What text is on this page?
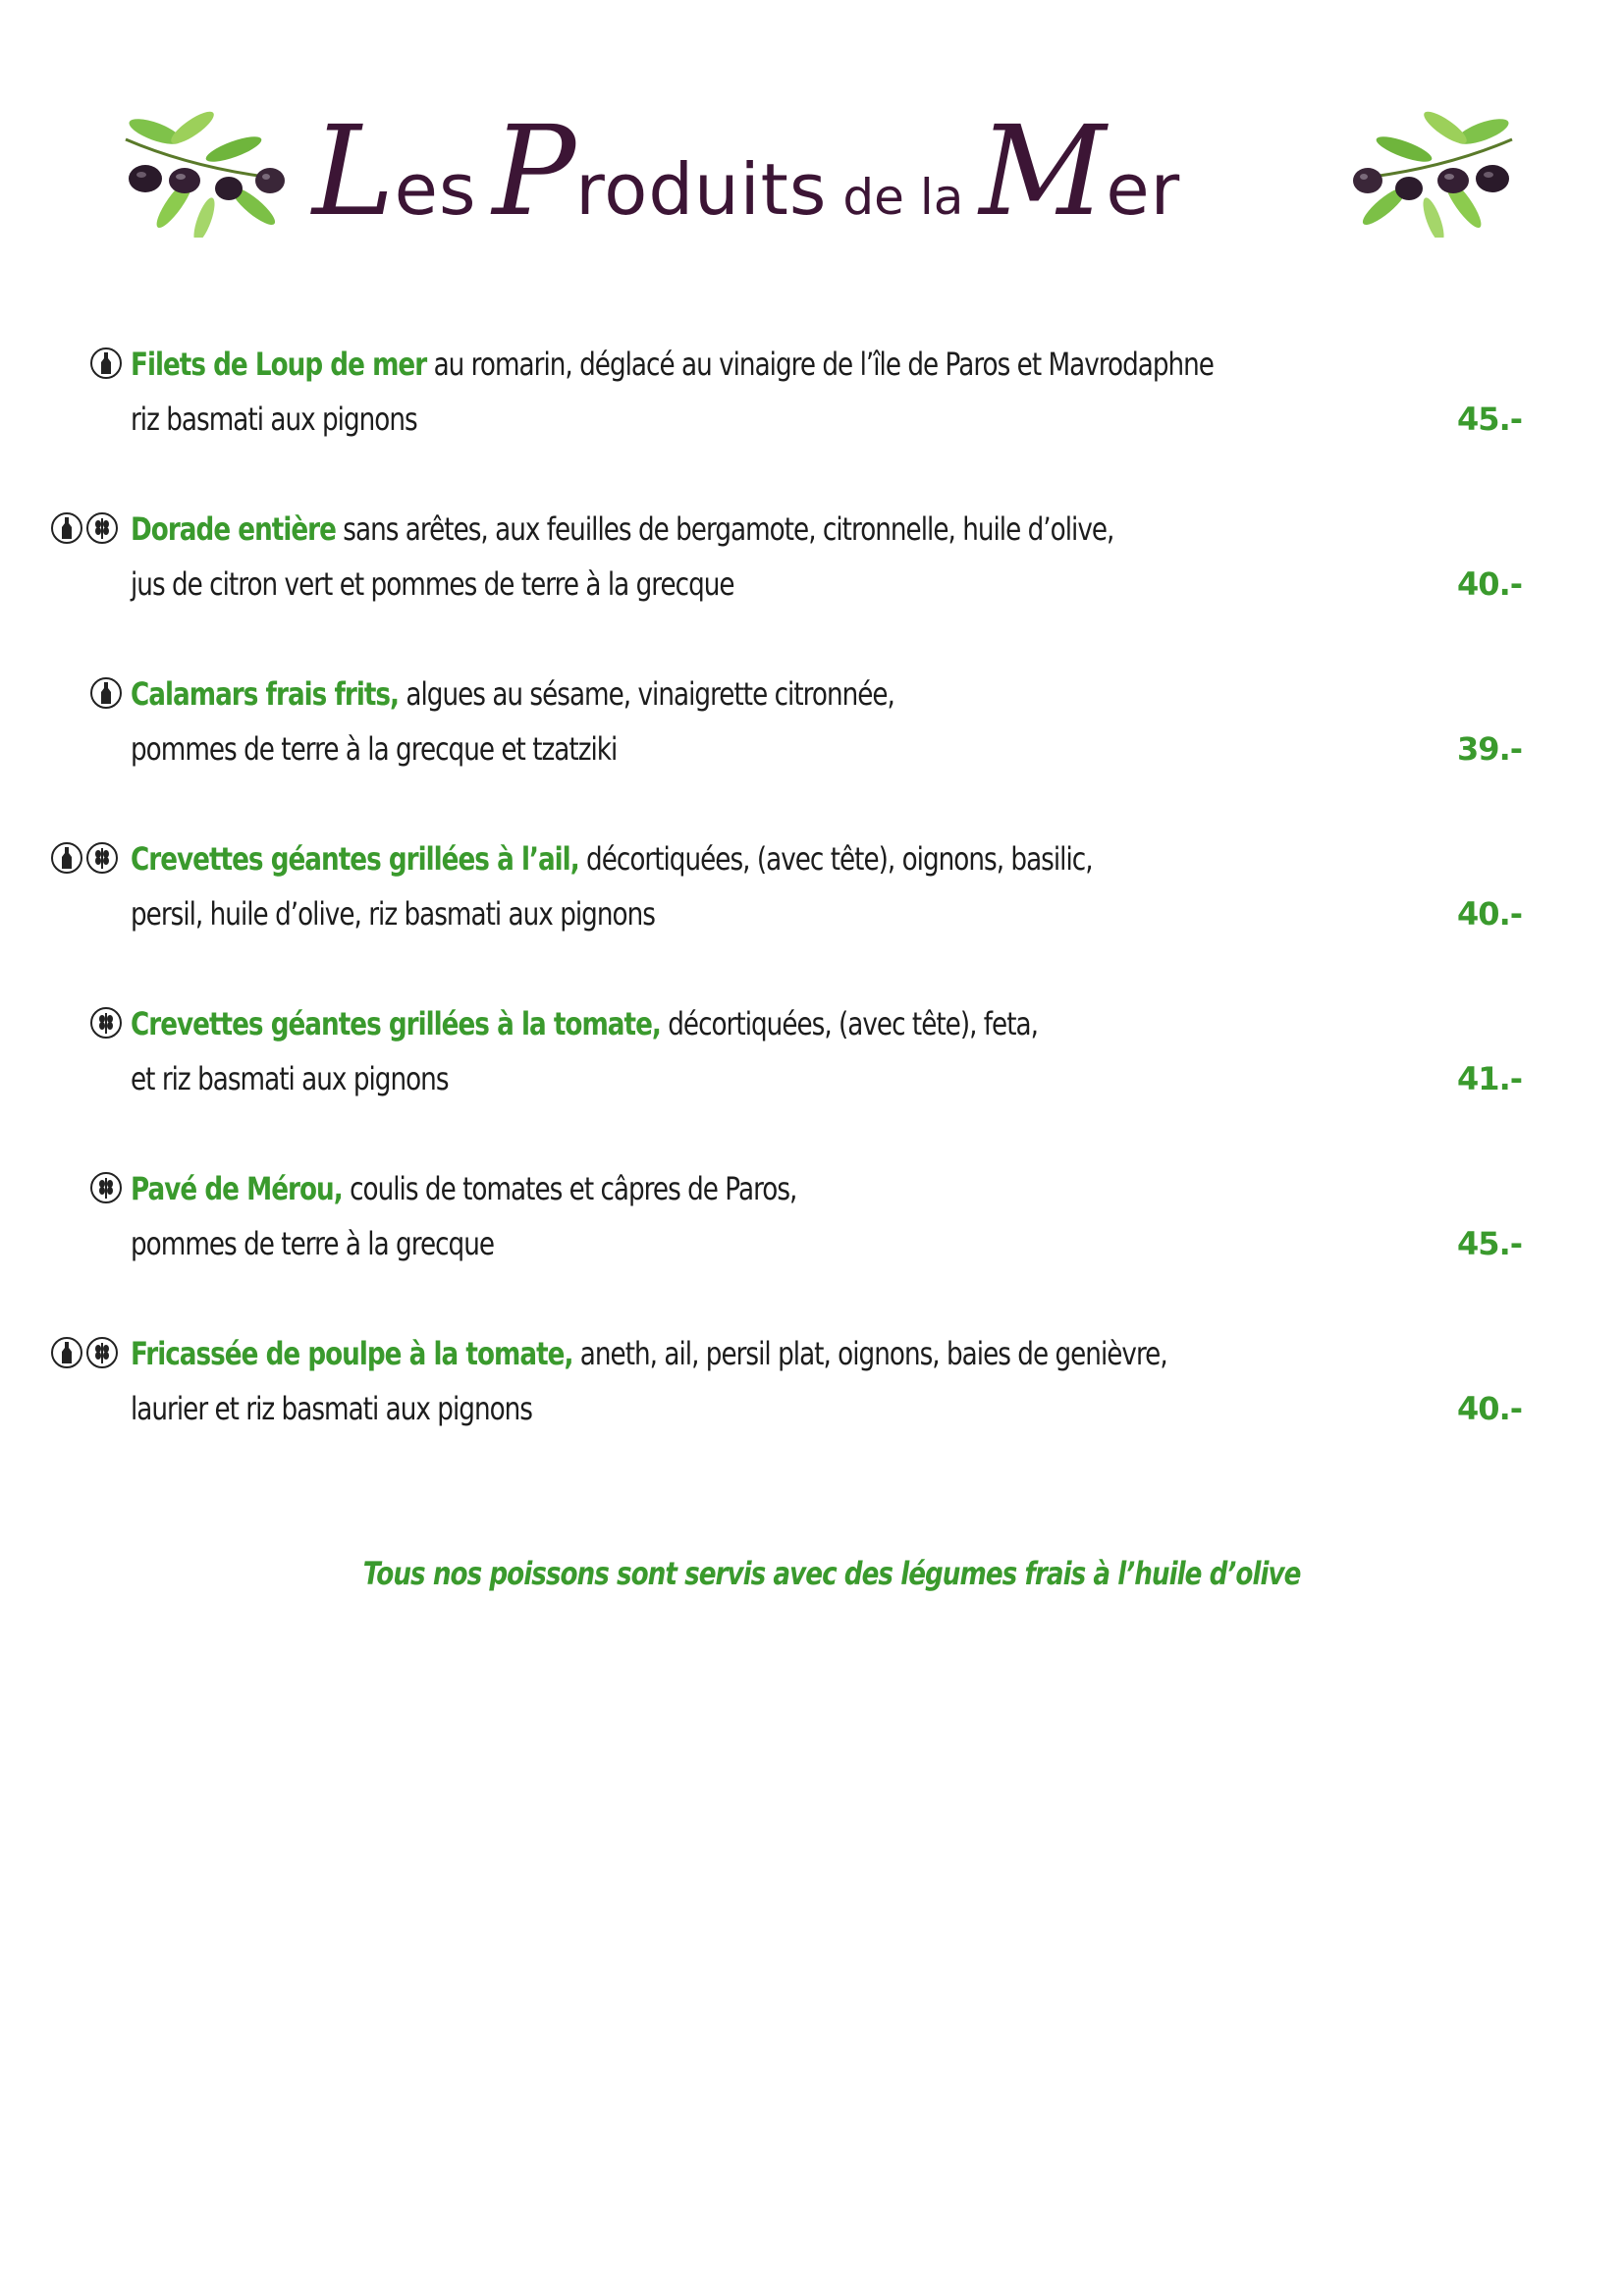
Les Produits de la Mer
Filets de Loup de mer au romarin, déglacé au vinaigre de l’île de Paros et Mavrodaphne
riz basmati aux pignons	45.-
Dorade entière sans arêtes, aux feuilles de bergamote, citronnelle, huile d’olive,
jus de citron vert et pommes de terre à la grecque	40.-
Calamars frais frits, algues au sésame, vinaigrette citronnée,
pommes de terre à la grecque et tzatziki	39.-
Crevettes géantes grillées à l’ail, décortiquées, (avec tête), oignons, basilic,
persil, huile d’olive, riz basmati aux pignons	40.-
Crevettes géantes grillées à la tomate, décortiquées, (avec tête), feta,
et riz basmati aux pignons	41.-
Pavé de Mérou, coulis de tomates et câpres de Paros,
pommes de terre à la grecque	45.-
Fricassée de poulpe à la tomate, aneth, ail, persil plat, oignons, baies de genièvre,
laurier et riz basmati aux pignons	40.-
Tous nos poissons sont servis avec des légumes frais à l’huile d’olive
